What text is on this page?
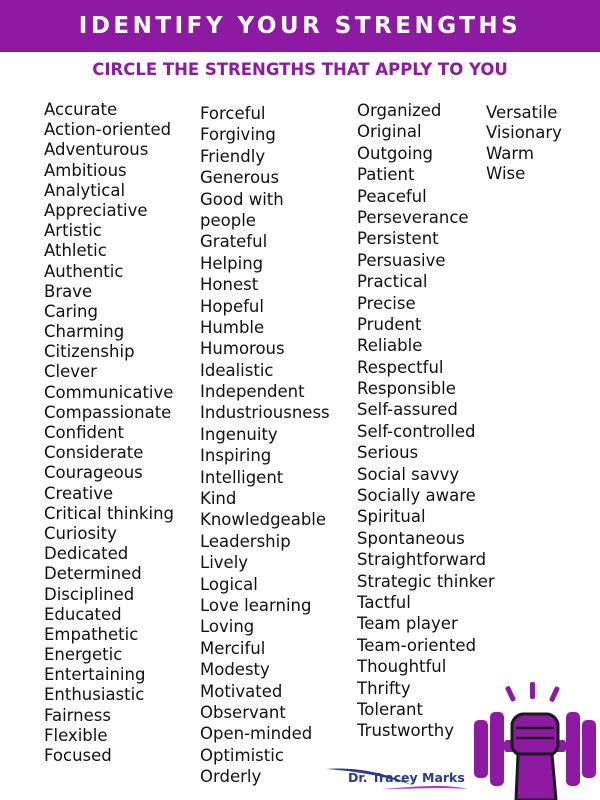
IDENTIFY YOUR STRENGTHS
CIRCLE THE STRENGTHS THAT APPLY TO YOU
Accurate
Action-oriented
Adventurous
Ambitious
Analytical
Appreciative
Artistic
Athletic
Authentic
Brave
Caring
Charming
Citizenship
Clever
Communicative
Compassionate
Confident
Considerate
Courageous
Creative
Critical thinking
Curiosity
Dedicated
Determined
Disciplined
Educated
Empathetic
Energetic
Entertaining
Enthusiastic
Fairness
Flexible
Focused
Forceful
Forgiving
Friendly
Generous
Good with
people
Grateful
Helping
Honest
Hopeful
Humble
Humorous
Idealistic
Independent
Industriousness
Ingenuity
Inspiring
Intelligent
Kind
Knowledgeable
Leadership
Lively
Logical
Love learning
Loving
Merciful
Modesty
Motivated
Observant
Open-minded
Optimistic
Orderly
Organized
Original
Outgoing
Patient
Peaceful
Perseverance
Persistent
Persuasive
Practical
Precise
Prudent
Reliable
Respectful
Responsible
Self-assured
Self-controlled
Serious
Social savvy
Socially aware
Spiritual
Spontaneous
Straightforward
Strategic thinker
Tactful
Team player
Team-oriented
Thoughtful
Thrifty
Tolerant
Trustworthy
Versatile
Visionary
Warm
Wise
Dr. Tracey Marks
